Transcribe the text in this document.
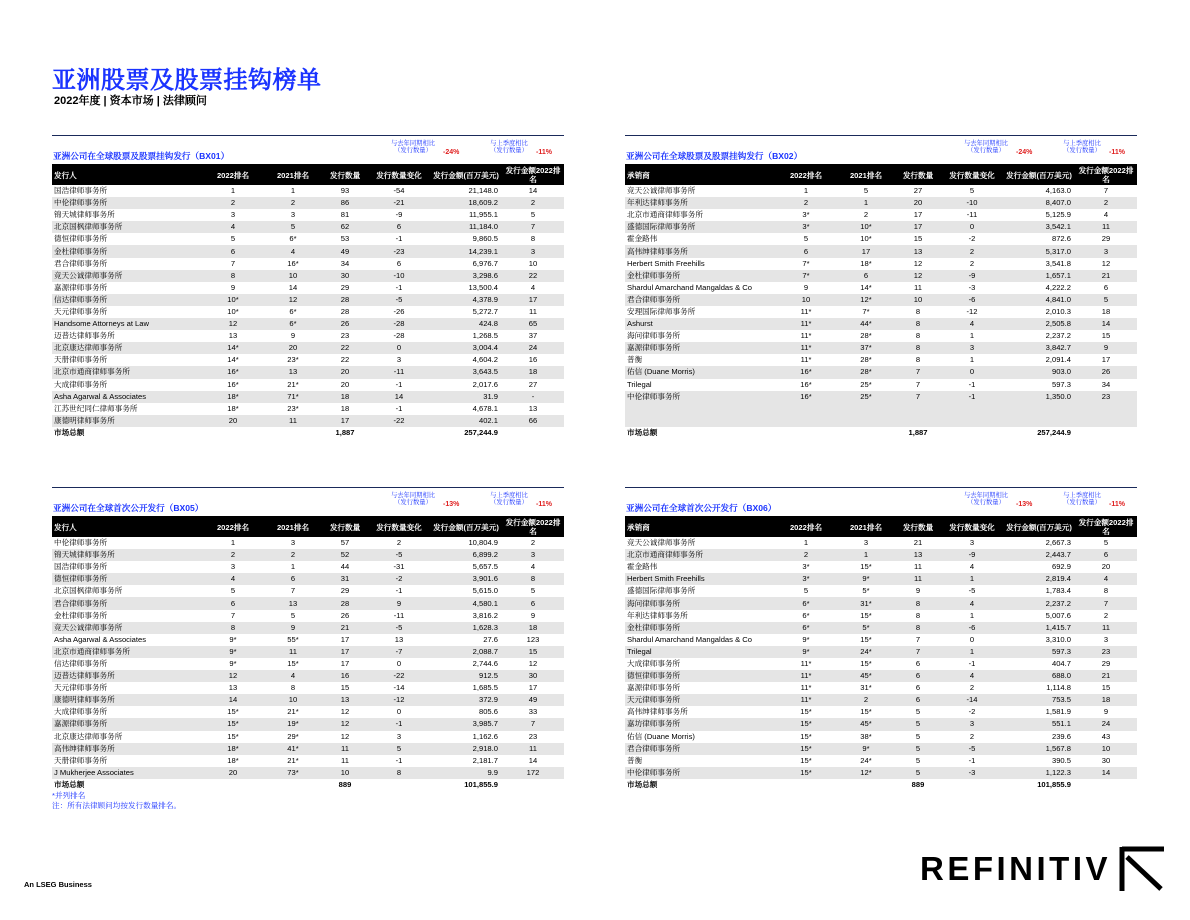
亚洲股票及股票挂钩榜单
2022年度 | 资本市场 | 法律顾问
亚洲公司在全球股票及股票挂钩发行（BX01）
与去年同期相比（发行数量）	-24%
与上季度相比（发行数量）	-11%
发行人	2022排名	2021排名	发行数量	发行数量变化	发行金额(百万美元)	发行金额2022排名
国浩律师事务所	1	1	93	-54	21,148.0	14
中伦律师事务所	2	2	86	-21	18,609.2	2
锦天城律师事务所	3	3	81	-9	11,955.1	5
北京国枫律师事务所	4	5	62	6	11,184.0	7
德恒律师事务所	5	6*	53	-1	9,860.5	8
金杜律师事务所	6	4	49	-23	14,239.1	3
君合律师事务所	7	16*	34	6	6,976.7	10
竞天公诚律师事务所	8	10	30	-10	3,298.6	22
嘉源律师事务所	9	14	29	-1	13,500.4	4
信达律师事务所	10*	12	28	-5	4,378.9	17
天元律师事务所	10*	6*	28	-26	5,272.7	11
Handsome Attorneys at Law	12	6*	26	-28	424.8	65
迈普达律师事务所	13	9	23	-28	1,268.5	37
北京康达律师事务所	14*	20	22	0	3,004.4	24
天册律师事务所	14*	23*	22	3	4,604.2	16
北京市通商律师事务所	16*	13	20	-11	3,643.5	18
大成律师事务所	16*	21*	20	-1	2,017.6	27
Asha Agarwal & Associates	18*	71*	18	14	31.9	-
江苏世纪同仁律师事务所	18*	23*	18	-1	4,678.1	13
康德明律师事务所	20	11	17	-22	402.1	66
市场总额			1,887		257,244.9	
亚洲公司在全球股票及股票挂钩发行（BX02）
与去年同期相比（发行数量）	-24%
与上季度相比（发行数量）	-11%
承销商	2022排名	2021排名	发行数量	发行数量变化	发行金额(百万美元)	发行金额2022排名
竞天公诚律师事务所	1	5	27	5	4,163.0	7
年利达律师事务所	2	1	20	-10	8,407.0	2
北京市通商律师事务所	3*	2	17	-11	5,125.9	4
盛德国际律师事务所	3*	10*	17	0	3,542.1	11
霍金路伟	5	10*	15	-2	872.6	29
高伟绅律师事务所	6	17	13	2	5,317.0	3
Herbert Smith Freehills	7*	18*	12	2	3,541.8	12
金杜律师事务所	7*	6	12	-9	1,657.1	21
Shardul Amarchand Mangaldas & Co	9	14*	11	-3	4,222.2	6
君合律师事务所	10	12*	10	-6	4,841.0	5
安理国际律师事务所	11*	7*	8	-12	2,010.3	18
Ashurst	11*	44*	8	4	2,505.8	14
海问律师事务所	11*	28*	8	1	2,237.2	15
嘉源律师事务所	11*	37*	8	3	3,842.7	9
普衡	11*	28*	8	1	2,091.4	17
佑信 (Duane Morris)	16*	28*	7	0	903.0	26
Trilegal	16*	25*	7	-1	597.3	34
中伦律师事务所	16*	25*	7	-1	1,350.0	23

市场总额			1,887		257,244.9	
亚洲公司在全球首次公开发行（BX05）
与去年同期相比（发行数量）	-13%
与上季度相比（发行数量）	-11%
发行人	2022排名	2021排名	发行数量	发行数量变化	发行金额(百万美元)	发行金额2022排名
中伦律师事务所	1	3	57	2	10,804.9	2
锦天城律师事务所	2	2	52	-5	6,899.2	3
国浩律师事务所	3	1	44	-31	5,657.5	4
德恒律师事务所	4	6	31	-2	3,901.6	8
北京国枫律师事务所	5	7	29	-1	5,615.0	5
君合律师事务所	6	13	28	9	4,580.1	6
金杜律师事务所	7	5	26	-11	3,816.2	9
竞天公诚律师事务所	8	9	21	-5	1,628.3	18
Asha Agarwal & Associates	9*	55*	17	13	27.6	123
北京市通商律师事务所	9*	11	17	-7	2,088.7	15
信达律师事务所	9*	15*	17	0	2,744.6	12
迈普达律师事务所	12	4	16	-22	912.5	30
天元律师事务所	13	8	15	-14	1,685.5	17
康德明律师事务所	14	10	13	-12	372.9	49
大成律师事务所	15*	21*	12	0	805.6	33
嘉源律师事务所	15*	19*	12	-1	3,985.7	7
北京康达律师事务所	15*	29*	12	3	1,162.6	23
高伟绅律师事务所	18*	41*	11	5	2,918.0	11
天册律师事务所	18*	21*	11	-1	2,181.7	14
J Mukherjee Associates	20	73*	10	8	9.9	172
市场总额			889		101,855.9	
*并列排名
注：所有法律顾问均按发行数量排名。
亚洲公司在全球首次公开发行（BX06）
与去年同期相比（发行数量）	-13%
与上季度相比（发行数量）	-11%
承销商	2022排名	2021排名	发行数量	发行数量变化	发行金额(百万美元)	发行金额2022排名
竞天公诚律师事务所	1	3	21	3	2,667.3	5
北京市通商律师事务所	2	1	13	-9	2,443.7	6
霍金路伟	3*	15*	11	4	692.9	20
Herbert Smith Freehills	3*	9*	11	1	2,819.4	4
盛德国际律师事务所	5	5*	9	-5	1,783.4	8
海问律师事务所	6*	31*	8	4	2,237.2	7
年利达律师事务所	6*	15*	8	1	5,007.6	2
金杜律师事务所	6*	5*	8	-6	1,415.7	11
Shardul Amarchand Mangaldas & Co	9*	15*	7	0	3,310.0	3
Trilegal	9*	24*	7	1	597.3	23
大成律师事务所	11*	15*	6	-1	404.7	29
德恒律师事务所	11*	45*	6	4	688.0	21
嘉源律师事务所	11*	31*	6	2	1,114.8	15
天元律师事务所	11*	2	6	-14	753.5	18
高伟绅律师事务所	15*	15*	5	-2	1,581.9	9
嘉坊律师事务所	15*	45*	5	3	551.1	24
佑信 (Duane Morris)	15*	38*	5	2	239.6	43
君合律师事务所	15*	9*	5	-5	1,567.8	10
普衡	15*	24*	5	-1	390.5	30
中伦律师事务所	15*	12*	5	-3	1,122.3	14
市场总额			889		101,855.9	
An LSEG Business	REFINITIV
